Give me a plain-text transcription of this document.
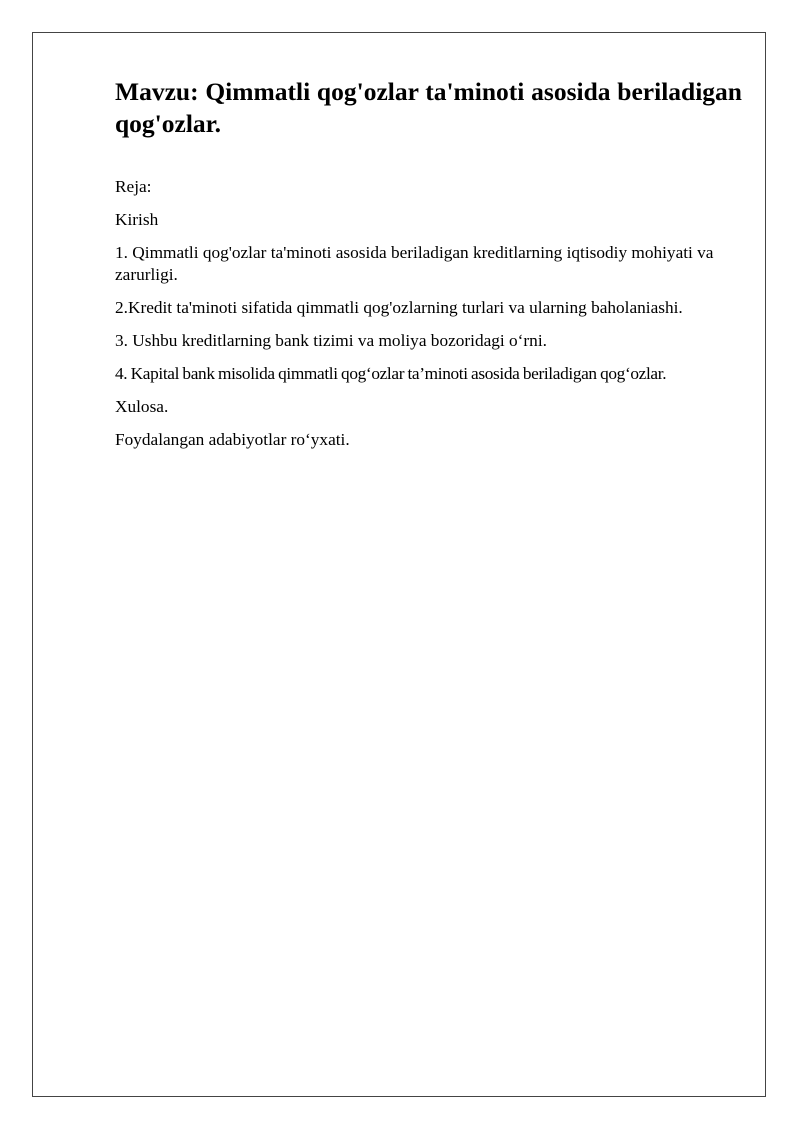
Mavzu: Qimmatli qog'ozlar ta'minoti asosida beriladigan qog'ozlar.

Reja:

Kirish

1. Qimmatli qog'ozlar ta'minoti asosida beriladigan kreditlarning iqtisodiy mohiyati va zarurligi.

2.Kredit ta'minoti sifatida qimmatli qog'ozlarning turlari va ularning baholaniashi.

3. Ushbu kreditlarning bank tizimi va moliya bozoridagi o‘rni.

4. Kapital bank misolida qimmatli qog‘ozlar ta’minoti asosida beriladigan qog‘ozlar.

Xulosa.

Foydalangan adabiyotlar ro‘yxati.
